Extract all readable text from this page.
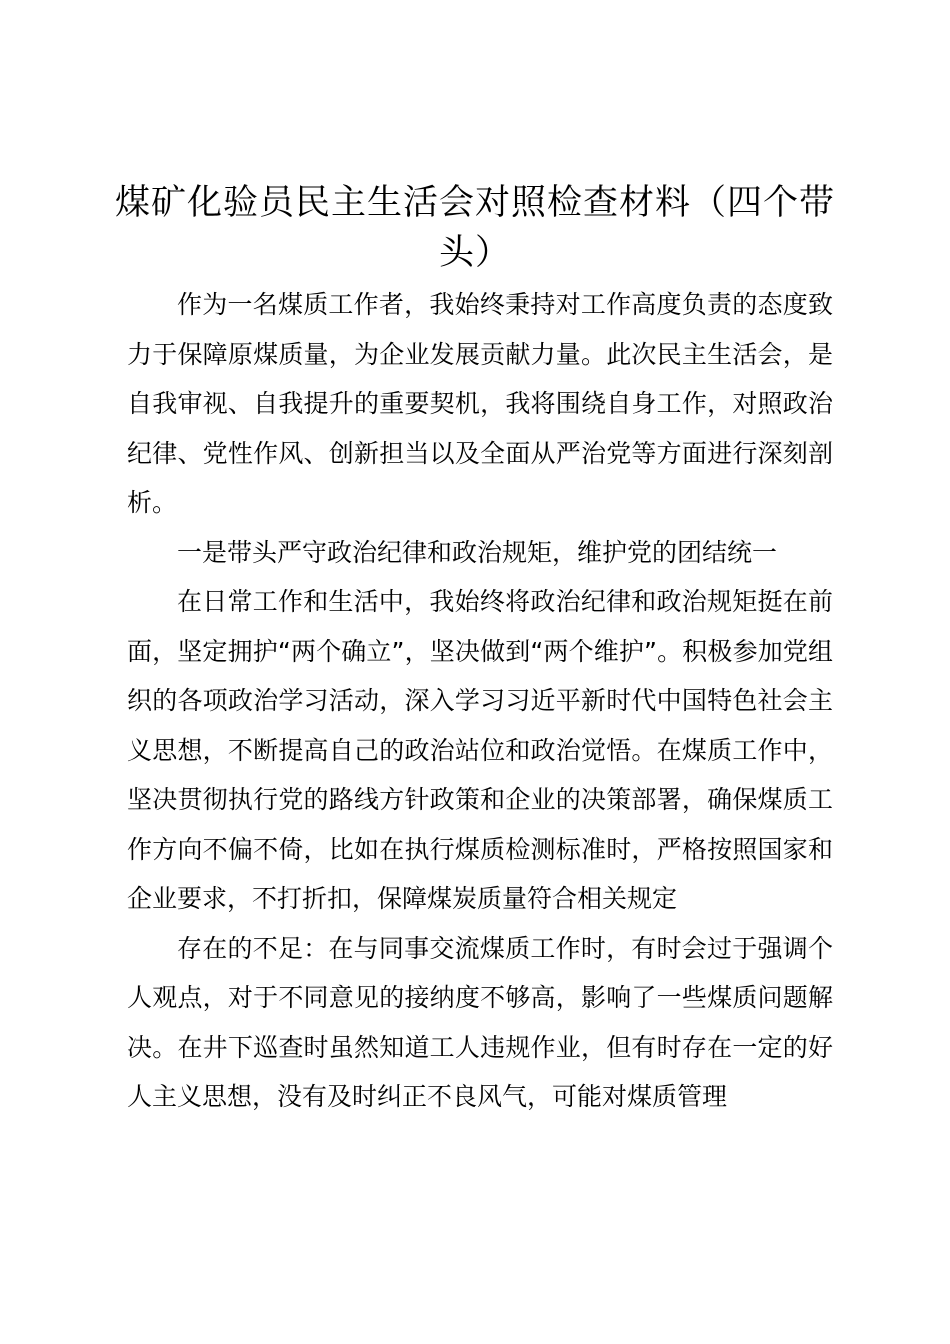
煤矿化验员民主生活会对照检查材料（四个带头）

作为一名煤质工作者，我始终秉持对工作高度负责的态度致力于保障原煤质量，为企业发展贡献力量。此次民主生活会，是自我审视、自我提升的重要契机，我将围绕自身工作，对照政治纪律、党性作风、创新担当以及全面从严治党等方面进行深刻剖析。

一是带头严守政治纪律和政治规矩，维护党的团结统一

在日常工作和生活中，我始终将政治纪律和政治规矩挺在前面，坚定拥护“两个确立”，坚决做到“两个维护”。积极参加党组织的各项政治学习活动，深入学习习近平新时代中国特色社会主义思想，不断提高自己的政治站位和政治觉悟。在煤质工作中，坚决贯彻执行党的路线方针政策和企业的决策部署，确保煤质工作方向不偏不倚，比如在执行煤质检测标准时，严格按照国家和企业要求，不打折扣，保障煤炭质量符合相关规定

存在的不足：在与同事交流煤质工作时，有时会过于强调个人观点，对于不同意见的接纳度不够高，影响了一些煤质问题解决。在井下巡查时虽然知道工人违规作业，但有时存在一定的好人主义思想，没有及时纠正不良风气，可能对煤质管理
